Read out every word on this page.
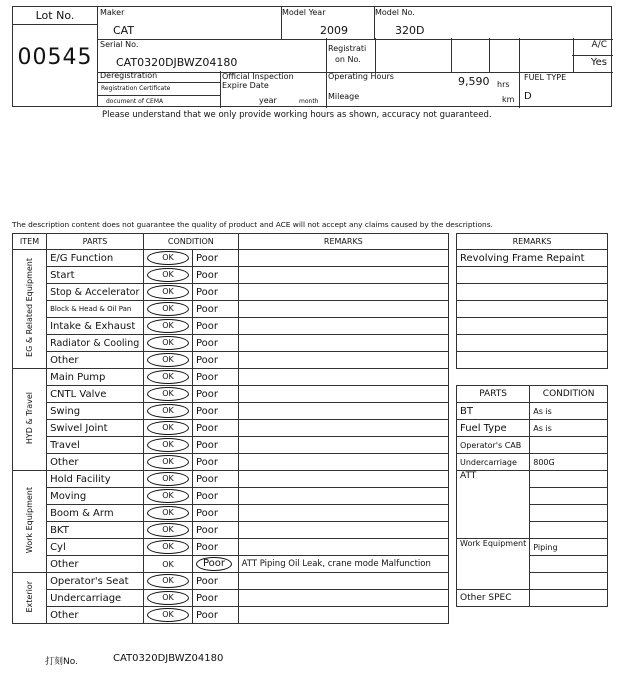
Lot No.
00545
Maker
CAT
Model Year
2009
Model No.
320D
Serial No.
CAT0320DJBWZ04180
Registrati
on No.
A/C
Yes
Deregistration
Registration Certificate
document of CEMA
Official Inspection
Expire Date
year	month
Operating Hours	9,590 hrs
Mileage	km
FUEL TYPE
D
Please understand that we only provide working hours as shown, accuracy not guaranteed.
The description content does not guarantee the quality of product and ACE will not accept any claims caused by the descriptions.
ITEM	PARTS	CONDITION		REMARKS
EG & Related Equipment	E/G Function	OK	Poor	
	Start	OK	Poor	
	Stop & Accelerator	OK	Poor	
	Block & Head & Oil Pan	OK	Poor	
	Intake & Exhaust	OK	Poor	
	Radiator & Cooling	OK	Poor	
	Other	OK	Poor	
HYD & Travel	Main Pump	OK	Poor	
	CNTL Valve	OK	Poor	
	Swing	OK	Poor	
	Swivel Joint	OK	Poor	
	Travel	OK	Poor	
	Other	OK	Poor	
Work Equipment	Hold Facility	OK	Poor	
	Moving	OK	Poor	
	Boom & Arm	OK	Poor	
	BKT	OK	Poor	
	Cyl	OK	Poor	
	Other	OK	Poor	ATT Piping Oil Leak, crane mode Malfunction
Exterior	Operator's Seat	OK	Poor	
	Undercarriage	OK	Poor	
	Other	OK	Poor	
REMARKS
Revolving Frame Repaint

PARTS	CONDITION
BT	As is
Fuel Type	As is
Operator's CAB	
Undercarriage	800G
ATT	

Work Equipment	Piping

Other SPEC	
打刻No.	CAT0320DJBWZ04180
